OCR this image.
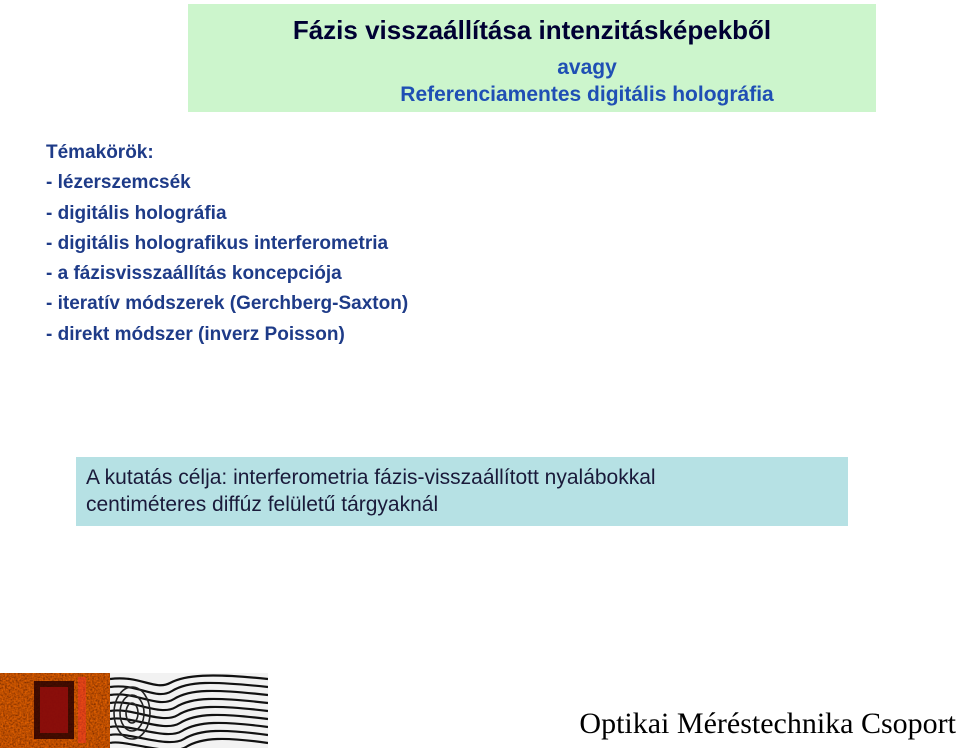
Fázis visszaállítása intenzitásképekből
avagy
Referenciamentes digitális holográfia
Témakörök:
- lézerszemcsék
- digitális holográfia
- digitális holografikus interferometria
- a fázisvisszaállítás koncepciója
- iteratív módszerek (Gerchberg-Saxton)
- direkt módszer (inverz Poisson)
A kutatás célja: interferometria fázis-visszaállított nyalábokkal
centiméteres diffúz felületű tárgyaknál
Optikai Méréstechnika Csoport
